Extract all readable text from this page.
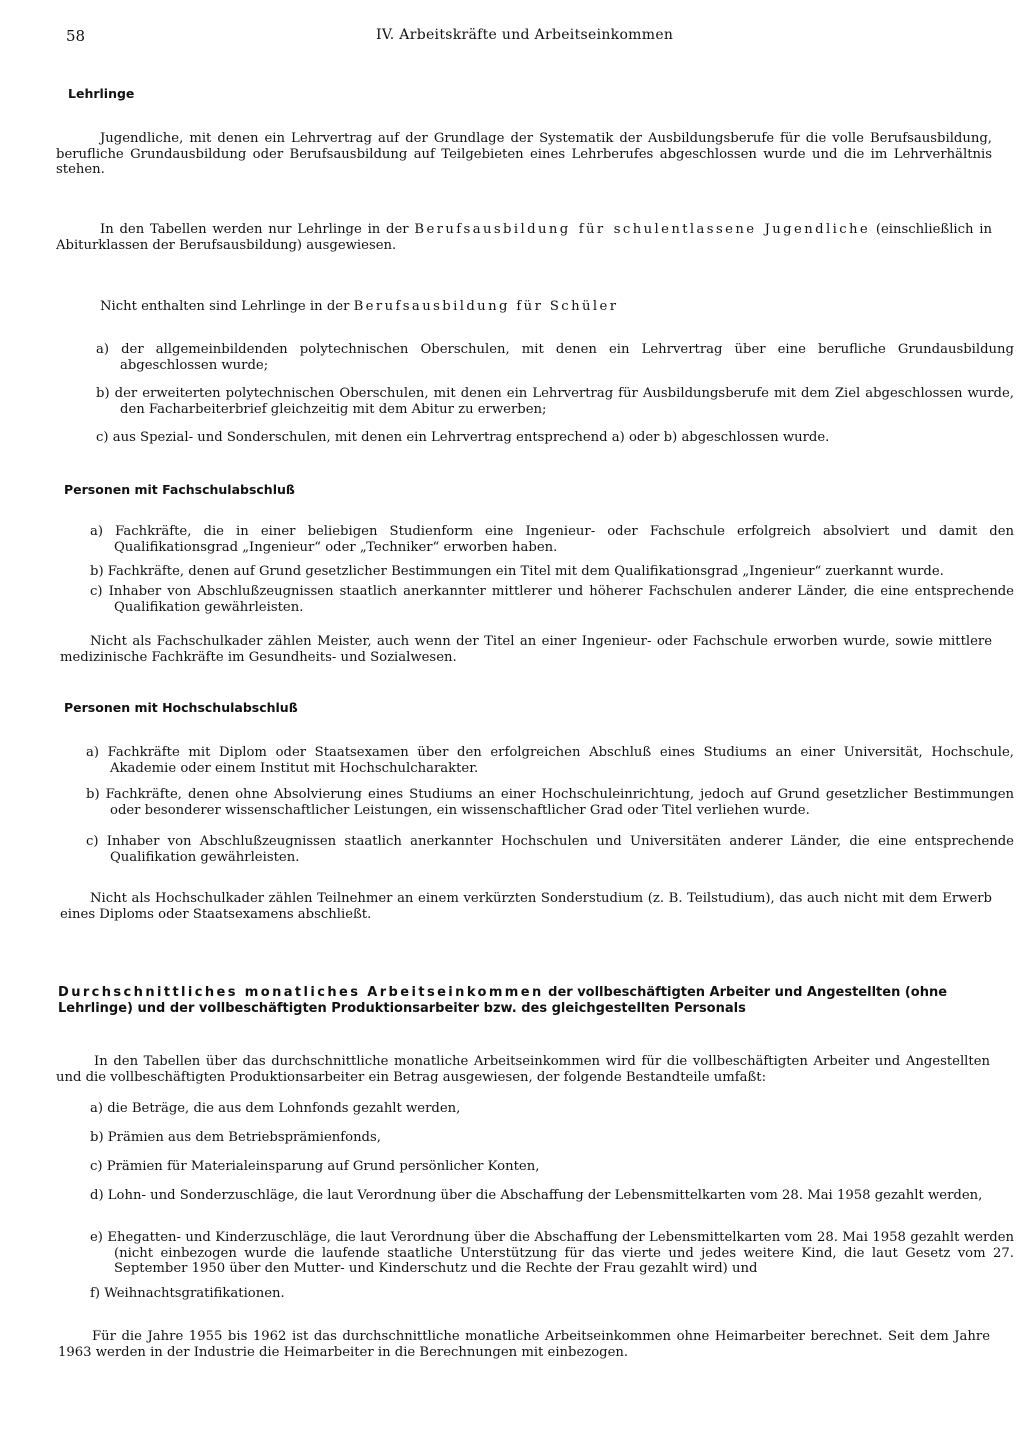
58	IV. Arbeitskräfte und Arbeitseinkommen
Lehrlinge

Jugendliche, mit denen ein Lehrvertrag auf der Grundlage der Systematik der Ausbildungsberufe für die volle Berufsausbildung, berufliche Grundausbildung oder Berufsausbildung auf Teilgebieten eines Lehrberufes abgeschlossen wurde und die im Lehrverhältnis stehen.

In den Tabellen werden nur Lehrlinge in der Berufsausbildung für schulentlassene Jugendliche (einschließlich in Abiturklassen der Berufsausbildung) ausgewiesen.

Nicht enthalten sind Lehrlinge in der Berufsausbildung für Schüler

a) der allgemeinbildenden polytechnischen Oberschulen, mit denen ein Lehrvertrag über eine berufliche Grundausbildung abgeschlossen wurde;

b) der erweiterten polytechnischen Oberschulen, mit denen ein Lehrvertrag für Ausbildungsberufe mit dem Ziel abgeschlossen wurde, den Facharbeiterbrief gleichzeitig mit dem Abitur zu erwerben;

c) aus Spezial- und Sonderschulen, mit denen ein Lehrvertrag entsprechend a) oder b) abgeschlossen wurde.

Personen mit Fachschulabschluß

a) Fachkräfte, die in einer beliebigen Studienform eine Ingenieur- oder Fachschule erfolgreich absolviert und damit den Qualifikationsgrad „Ingenieur“ oder „Techniker“ erworben haben.

b) Fachkräfte, denen auf Grund gesetzlicher Bestimmungen ein Titel mit dem Qualifikationsgrad „Ingenieur“ zuerkannt wurde.

c) Inhaber von Abschlußzeugnissen staatlich anerkannter mittlerer und höherer Fachschulen anderer Länder, die eine entsprechende Qualifikation gewährleisten.

Nicht als Fachschulkader zählen Meister, auch wenn der Titel an einer Ingenieur- oder Fachschule erworben wurde, sowie mittlere medizinische Fachkräfte im Gesundheits- und Sozialwesen.

Personen mit Hochschulabschluß

a) Fachkräfte mit Diplom oder Staatsexamen über den erfolgreichen Abschluß eines Studiums an einer Universität, Hochschule, Akademie oder einem Institut mit Hochschulcharakter.

b) Fachkräfte, denen ohne Absolvierung eines Studiums an einer Hochschuleinrichtung, jedoch auf Grund gesetzlicher Bestimmungen oder besonderer wissenschaftlicher Leistungen, ein wissenschaftlicher Grad oder Titel verliehen wurde.

c) Inhaber von Abschlußzeugnissen staatlich anerkannter Hochschulen und Universitäten anderer Länder, die eine entsprechende Qualifikation gewährleisten.

Nicht als Hochschulkader zählen Teilnehmer an einem verkürzten Sonderstudium (z. B. Teilstudium), das auch nicht mit dem Erwerb eines Diploms oder Staatsexamens abschließt.

Durchschnittliches monatliches Arbeitseinkommen der vollbeschäftigten Arbeiter und Angestellten (ohne Lehrlinge) und der vollbeschäftigten Produktionsarbeiter bzw. des gleichgestellten Personals

In den Tabellen über das durchschnittliche monatliche Arbeitseinkommen wird für die vollbeschäftigten Arbeiter und Angestellten und die vollbeschäftigten Produktionsarbeiter ein Betrag ausgewiesen, der folgende Bestandteile umfaßt:

a) die Beträge, die aus dem Lohnfonds gezahlt werden,

b) Prämien aus dem Betriebsprämienfonds,

c) Prämien für Materialeinsparung auf Grund persönlicher Konten,

d) Lohn- und Sonderzuschläge, die laut Verordnung über die Abschaffung der Lebensmittelkarten vom 28. Mai 1958 gezahlt werden,

e) Ehegatten- und Kinderzuschläge, die laut Verordnung über die Abschaffung der Lebensmittelkarten vom 28. Mai 1958 gezahlt werden (nicht einbezogen wurde die laufende staatliche Unterstützung für das vierte und jedes weitere Kind, die laut Gesetz vom 27. September 1950 über den Mutter- und Kinderschutz und die Rechte der Frau gezahlt wird) und

f) Weihnachtsgratifikationen.

Für die Jahre 1955 bis 1962 ist das durchschnittliche monatliche Arbeitseinkommen ohne Heimarbeiter berechnet. Seit dem Jahre 1963 werden in der Industrie die Heimarbeiter in die Berechnungen mit einbezogen.
